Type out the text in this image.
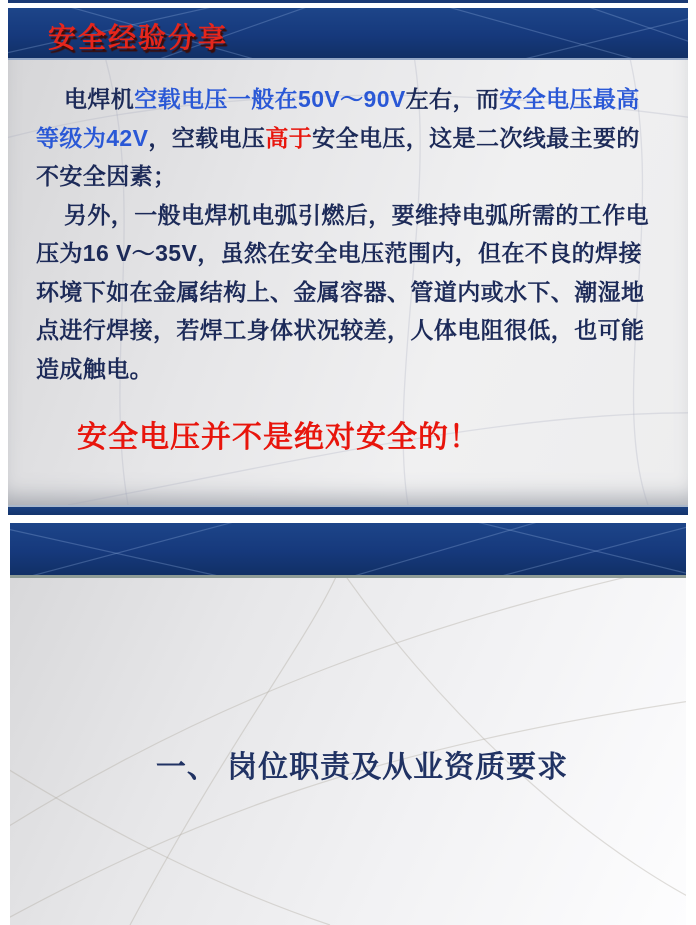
安全经验分享

电焊机空载电压一般在50V～90V左右，而安全电压最高等级为42V，空载电压高于安全电压，这是二次线最主要的不安全因素；

另外，一般电焊机电弧引燃后，要维持电弧所需的工作电压为16 V～35V，虽然在安全电压范围内，但在不良的焊接环境下如在金属结构上、金属容器、管道内或水下、潮湿地点进行焊接，若焊工身体状况较差，人体电阻很低，也可能造成触电。

安全电压并不是绝对安全的！

一、 岗位职责及从业资质要求
